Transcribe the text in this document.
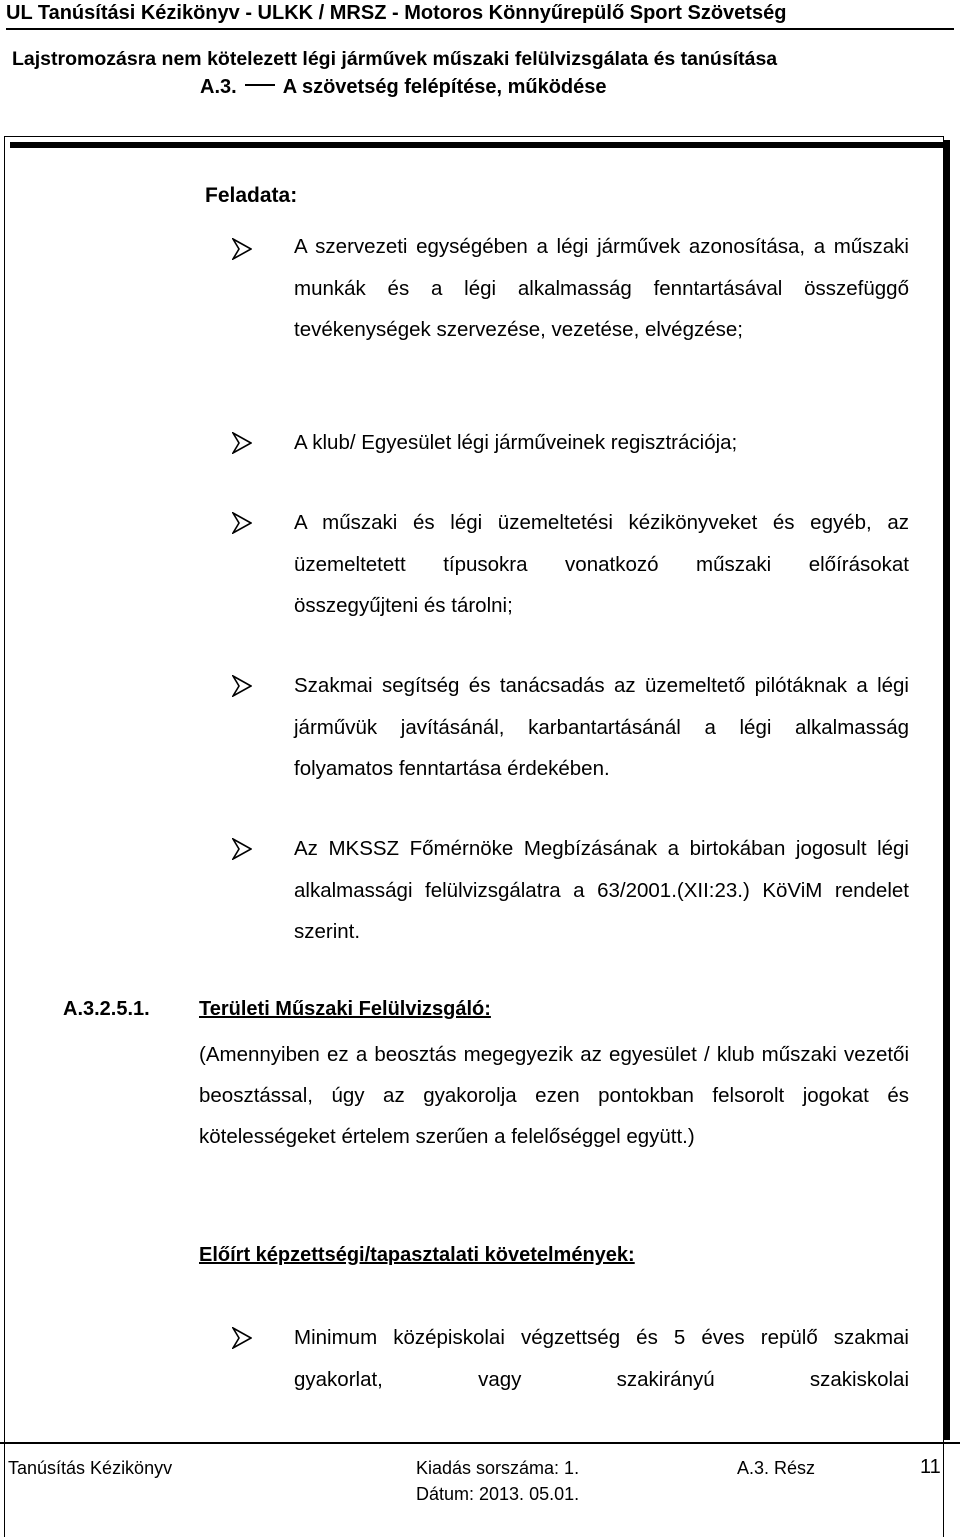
UL Tanúsítási Kézikönyv - ULKK / MRSZ - Motoros Könnyűrepülő Sport Szövetség
Lajstromozásra nem kötelezett légi járművek műszaki felülvizsgálata és tanúsítása
A.3. A szövetség felépítése, működése
Feladata:
A szervezeti egységében a légi járművek azonosítása, a műszaki munkák és a légi alkalmasság fenntartásával összefüggő tevékenységek szervezése, vezetése, elvégzése;
A klub/ Egyesület légi járműveinek regisztrációja;
A műszaki és légi üzemeltetési kézikönyveket és egyéb, az üzemeltetett típusokra vonatkozó műszaki előírásokat összegyűjteni és tárolni;
Szakmai segítség és tanácsadás az üzemeltető pilótáknak a légi járművük javításánál, karbantartásánál a légi alkalmasság folyamatos fenntartása érdekében.
Az MKSSZ Főmérnöke Megbízásának a birtokában jogosult légi alkalmassági felülvizsgálatra a 63/2001.(XII:23.) KöViM rendelet szerint.
A.3.2.5.1. Területi Műszaki Felülvizsgáló:
(Amennyiben ez a beosztás megegyezik az egyesület / klub műszaki vezetői beosztással, úgy az gyakorolja ezen pontokban felsorolt jogokat és kötelességeket értelem szerűen a felelőséggel együtt.)
Előírt képzettségi/tapasztalati követelmények:
Minimum középiskolai végzettség és 5 éves repülő szakmai gyakorlat, vagy szakirányú szakiskolai
Tanúsítás Kézikönyv	Kiadás sorszáma: 1.
Dátum: 2013. 05.01.
A.3. Rész	11
